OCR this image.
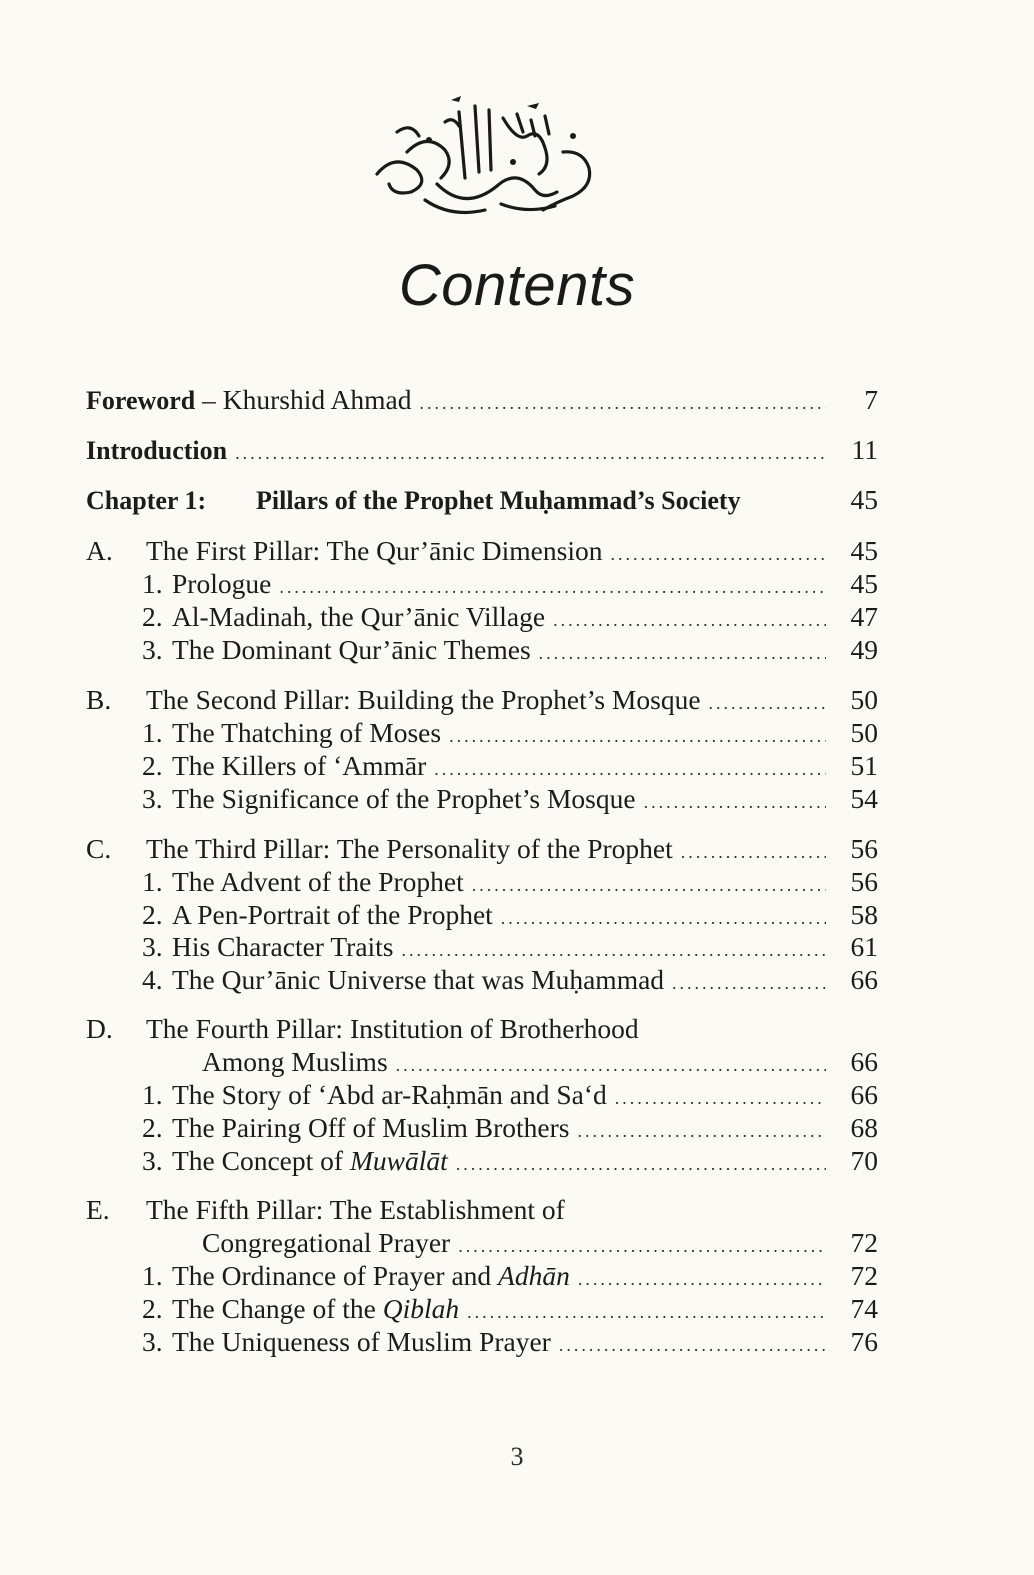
Contents
Foreword – Khurshid Ahmad .....	7
Introduction .....	11
Chapter 1:	Pillars of the Prophet Muḥammad’s Society	45
A.	The First Pillar: The Qur’ānic Dimension .....	45
1. Prologue .....	45
2. Al-Madinah, the Qur’ānic Village .....	47
3. The Dominant Qur’ānic Themes .....	49
B.	The Second Pillar: Building the Prophet’s Mosque .....	50
1. The Thatching of Moses .....	50
2. The Killers of ‘Ammār .....	51
3. The Significance of the Prophet’s Mosque .....	54
C.	The Third Pillar: The Personality of the Prophet .....	56
1. The Advent of the Prophet .....	56
2. A Pen-Portrait of the Prophet .....	58
3. His Character Traits .....	61
4. The Qur’ānic Universe that was Muḥammad .....	66
D.	The Fourth Pillar: Institution of Brotherhood
Among Muslims .....	66
1. The Story of ‘Abd ar-Raḥmān and Sa‘d .....	66
2. The Pairing Off of Muslim Brothers .....	68
3. The Concept of Muwālāt .....	70
E.	The Fifth Pillar: The Establishment of
Congregational Prayer .....	72
1. The Ordinance of Prayer and Adhān .....	72
2. The Change of the Qiblah .....	74
3. The Uniqueness of Muslim Prayer .....	76
3
